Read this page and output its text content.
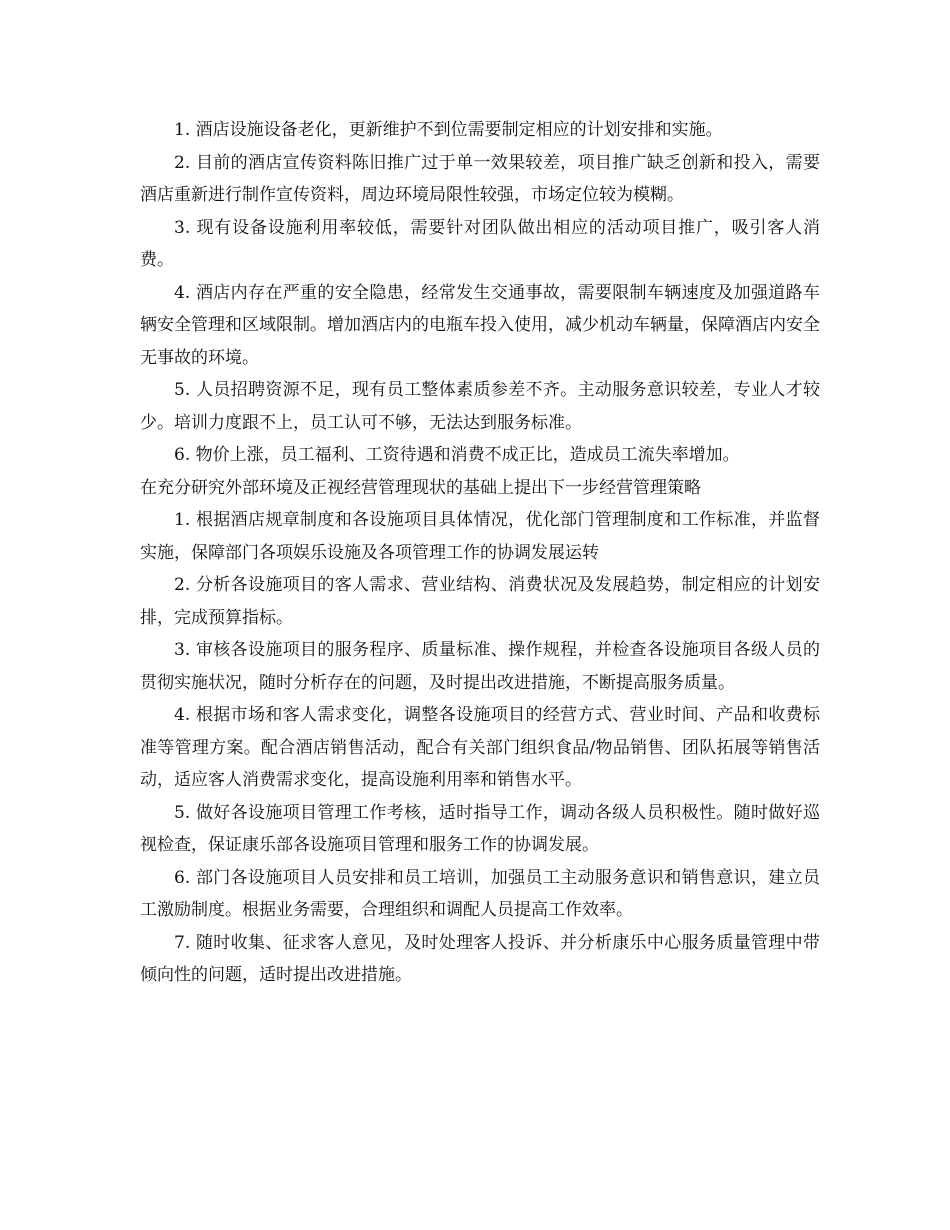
1. 酒店设施设备老化，更新维护不到位需要制定相应的计划安排和实施。

2. 目前的酒店宣传资料陈旧推广过于单一效果较差，项目推广缺乏创新和投入，需要酒店重新进行制作宣传资料，周边环境局限性较强，市场定位较为模糊。

3. 现有设备设施利用率较低，需要针对团队做出相应的活动项目推广，吸引客人消费。

4. 酒店内存在严重的安全隐患，经常发生交通事故，需要限制车辆速度及加强道路车辆安全管理和区域限制。增加酒店内的电瓶车投入使用，减少机动车辆量，保障酒店内安全无事故的环境。

5. 人员招聘资源不足，现有员工整体素质参差不齐。主动服务意识较差，专业人才较少。培训力度跟不上，员工认可不够，无法达到服务标准。

6. 物价上涨，员工福利、工资待遇和消费不成正比，造成员工流失率增加。

在充分研究外部环境及正视经营管理现状的基础上提出下一步经营管理策略

1. 根据酒店规章制度和各设施项目具体情况，优化部门管理制度和工作标准，并监督实施，保障部门各项娱乐设施及各项管理工作的协调发展运转

2. 分析各设施项目的客人需求、营业结构、消费状况及发展趋势，制定相应的计划安排，完成预算指标。

3. 审核各设施项目的服务程序、质量标准、操作规程，并检查各设施项目各级人员的贯彻实施状况，随时分析存在的问题，及时提出改进措施，不断提高服务质量。

4. 根据市场和客人需求变化，调整各设施项目的经营方式、营业时间、产品和收费标准等管理方案。配合酒店销售活动，配合有关部门组织食品/物品销售、团队拓展等销售活动，适应客人消费需求变化，提高设施利用率和销售水平。

5. 做好各设施项目管理工作考核，适时指导工作，调动各级人员积极性。随时做好巡视检查，保证康乐部各设施项目管理和服务工作的协调发展。

6. 部门各设施项目人员安排和员工培训，加强员工主动服务意识和销售意识，建立员工激励制度。根据业务需要，合理组织和调配人员提高工作效率。

7. 随时收集、征求客人意见，及时处理客人投诉、并分析康乐中心服务质量管理中带倾向性的问题，适时提出改进措施。
